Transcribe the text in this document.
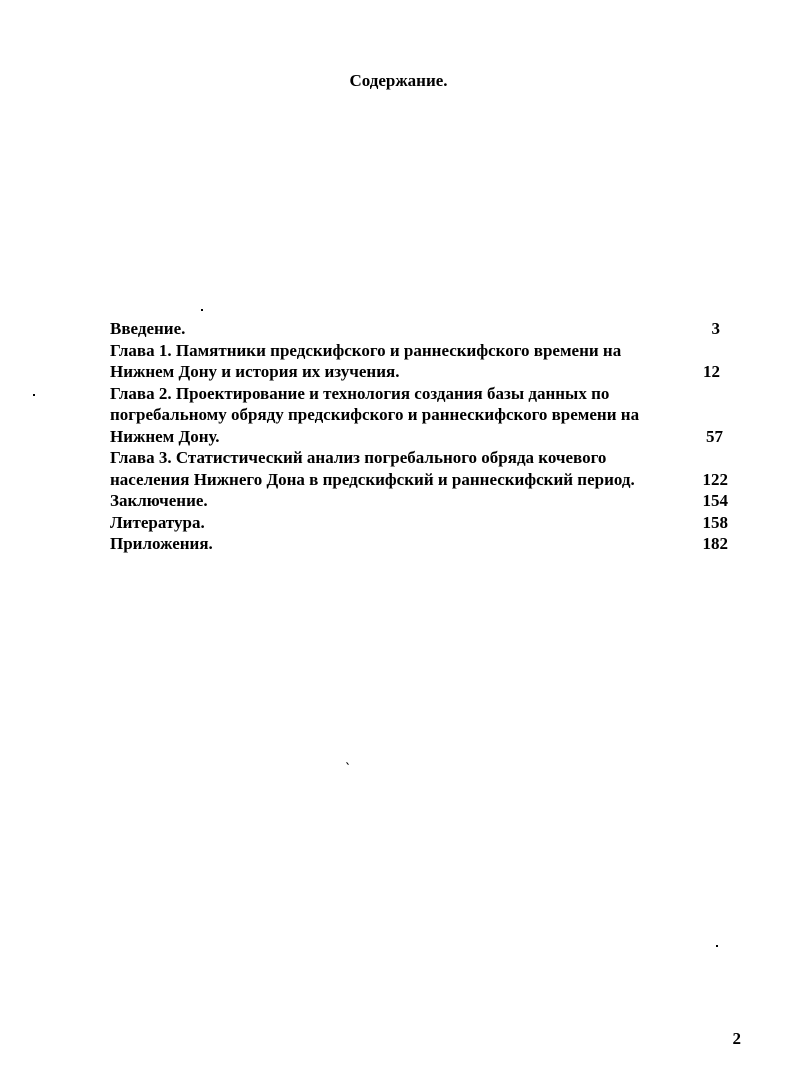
Содержание.
Введение.	3
Глава 1. Памятники предскифского и раннескифского времени на
Нижнем Дону и история их изучения.	12
Глава 2. Проектирование и технология создания базы данных по
погребальному обряду предскифского и раннескифского времени на
Нижнем Дону.	57
Глава 3. Статистический анализ погребального обряда кочевого
населения Нижнего Дона в предскифский и раннескифский период.	122
Заключение.	154
Литература.	158
Приложения.	182
2
